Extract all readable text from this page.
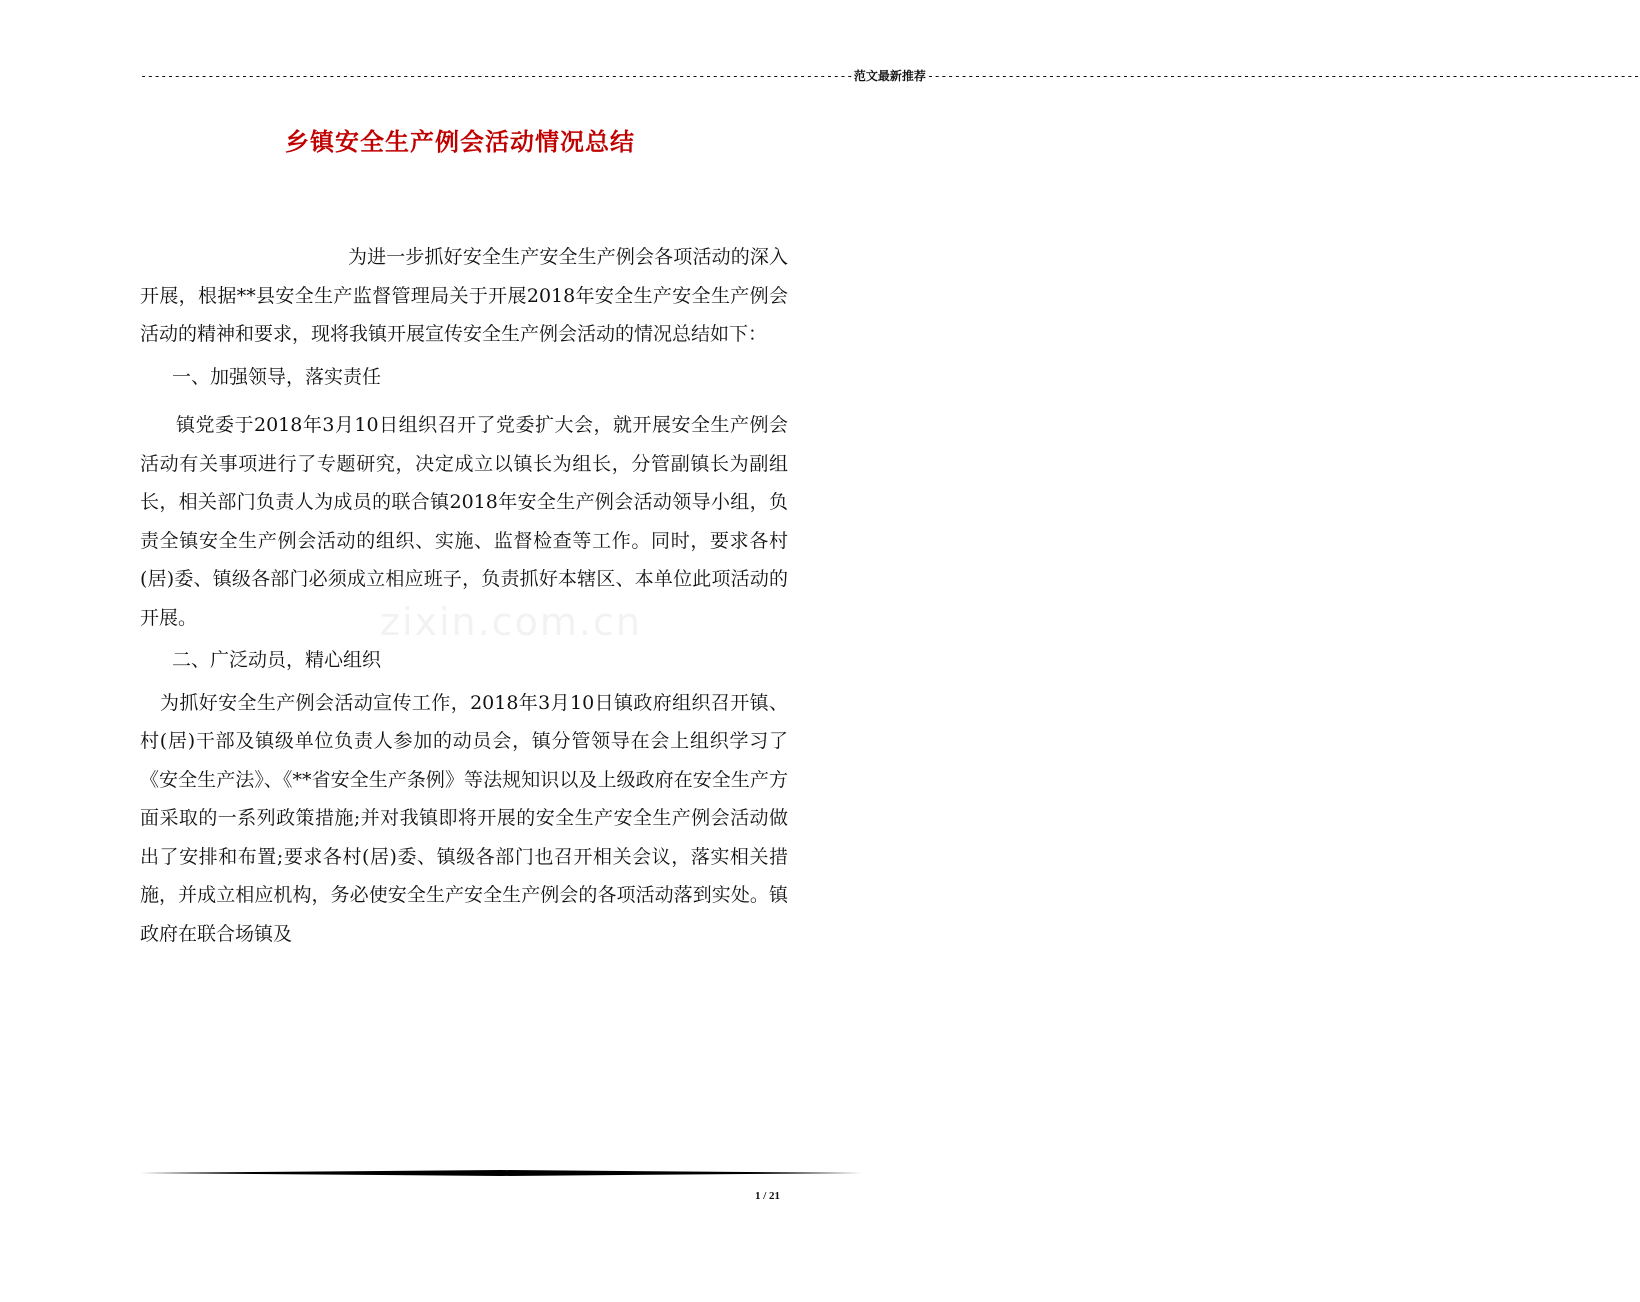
---------------------------------------------------------------------------------------------------------- 范文最新推荐 ----------------------------------------------------------------------------------------------------------
乡镇安全生产例会活动情况总结
zixin.com.cn

为进一步抓好安全生产安全生产例会各项活动的深入开展，根据**县安全生产监督管理局关于开展2018年安全生产安全生产例会活动的精神和要求，现将我镇开展宣传安全生产例会活动的情况总结如下：

一、加强领导，落实责任

镇党委于2018年3月10日组织召开了党委扩大会，就开展安全生产例会活动有关事项进行了专题研究，决定成立以镇长为组长，分管副镇长为副组长，相关部门负责人为成员的联合镇2018年安全生产例会活动领导小组，负责全镇安全生产例会活动的组织、实施、监督检查等工作。同时，要求各村(居)委、镇级各部门必须成立相应班子，负责抓好本辖区、本单位此项活动的开展。

二、广泛动员，精心组织

为抓好安全生产例会活动宣传工作，2018年3月10日镇政府组织召开镇、村(居)干部及镇级单位负责人参加的动员会，镇分管领导在会上组织学习了《安全生产法》、《**省安全生产条例》等法规知识以及上级政府在安全生产方面采取的一系列政策措施;并对我镇即将开展的安全生产安全生产例会活动做出了安排和布置;要求各村(居)委、镇级各部门也召开相关会议，落实相关措施，并成立相应机构，务必使安全生产安全生产例会的各项活动落到实处。镇政府在联合场镇及

1 / 21
